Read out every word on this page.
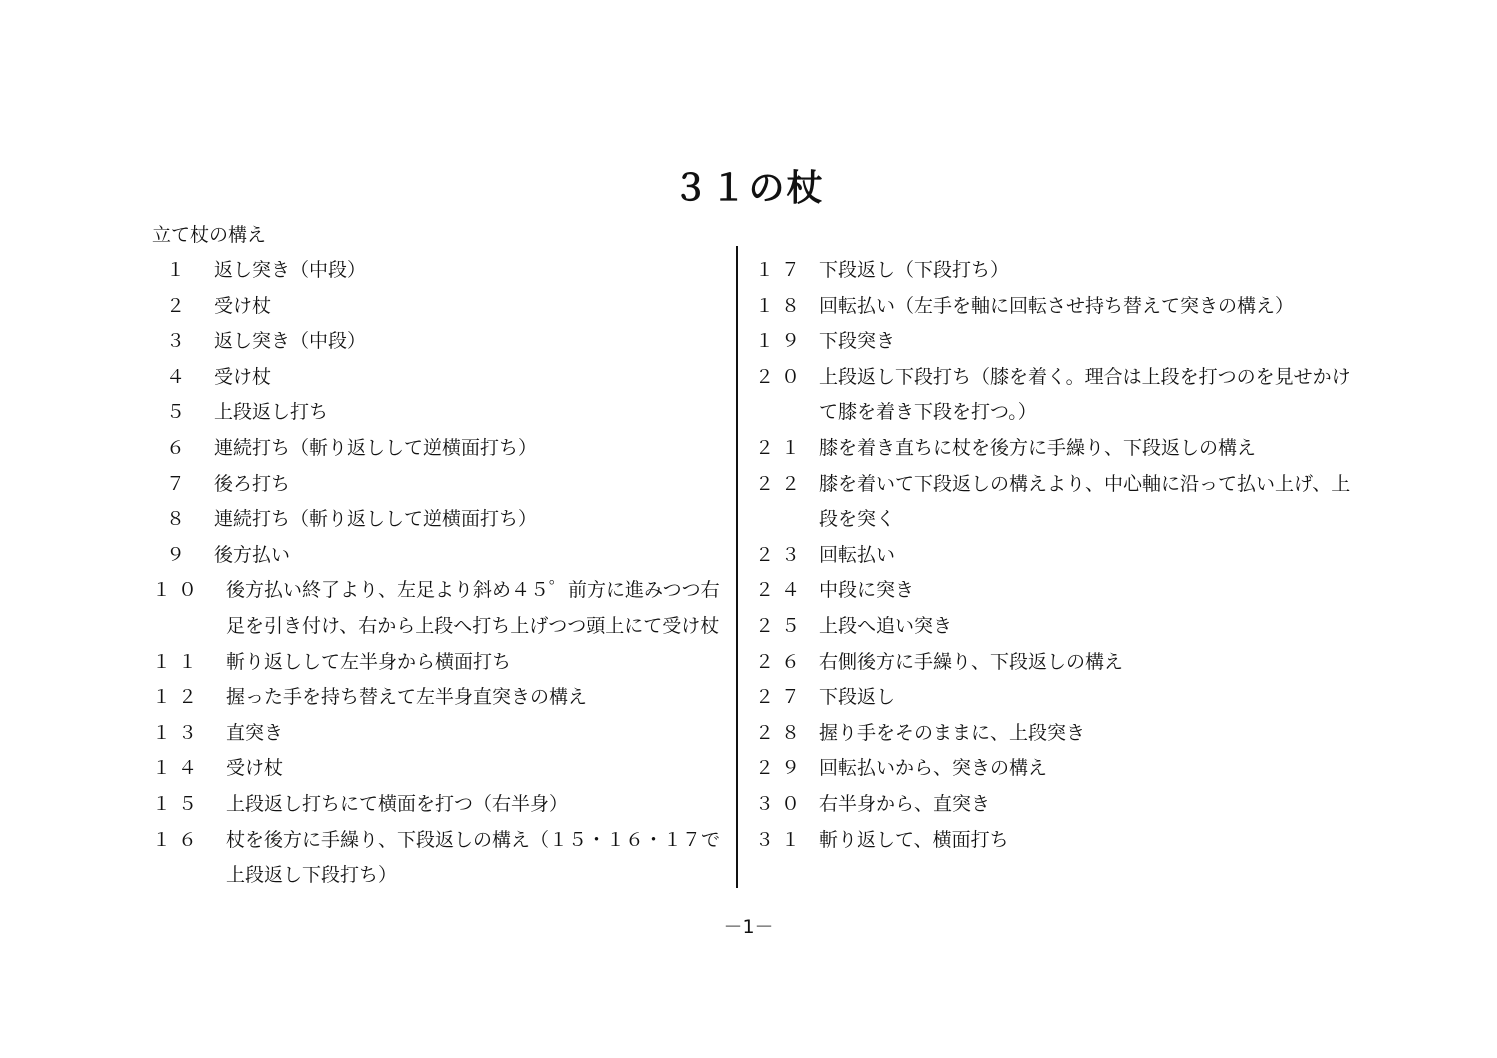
３１の杖
立て杖の構え
１ 返し突き（中段）
２ 受け杖
３ 返し突き（中段）
４ 受け杖
５ 上段返し打ち
６ 連続打ち（斬り返しして逆横面打ち）
７ 後ろ打ち
８ 連続打ち（斬り返しして逆横面打ち）
９ 後方払い
１０ 後方払い終了より、左足より斜め４５゜前方に進みつつ右足を引き付け、右から上段へ打ち上げつつ頭上にて受け杖
１１ 斬り返しして左半身から横面打ち
１２ 握った手を持ち替えて左半身直突きの構え
１３ 直突き
１４ 受け杖
１５ 上段返し打ちにて横面を打つ（右半身）
１６ 杖を後方に手繰り、下段返しの構え（１５・１６・１７で上段返し下段打ち）
１７ 下段返し（下段打ち）
１８ 回転払い（左手を軸に回転させ持ち替えて突きの構え）
１９ 下段突き
２０ 上段返し下段打ち（膝を着く。理合は上段を打つのを見せかけて膝を着き下段を打つ。）
２１ 膝を着き直ちに杖を後方に手繰り、下段返しの構え
２２ 膝を着いて下段返しの構えより、中心軸に沿って払い上げ、上段を突く
２３ 回転払い
２４ 中段に突き
２５ 上段へ追い突き
２６ 右側後方に手繰り、下段返しの構え
２７ 下段返し
２８ 握り手をそのままに、上段突き
２９ 回転払いから、突きの構え
３０ 右半身から、直突き
３１ 斬り返して、横面打ち
－1－
